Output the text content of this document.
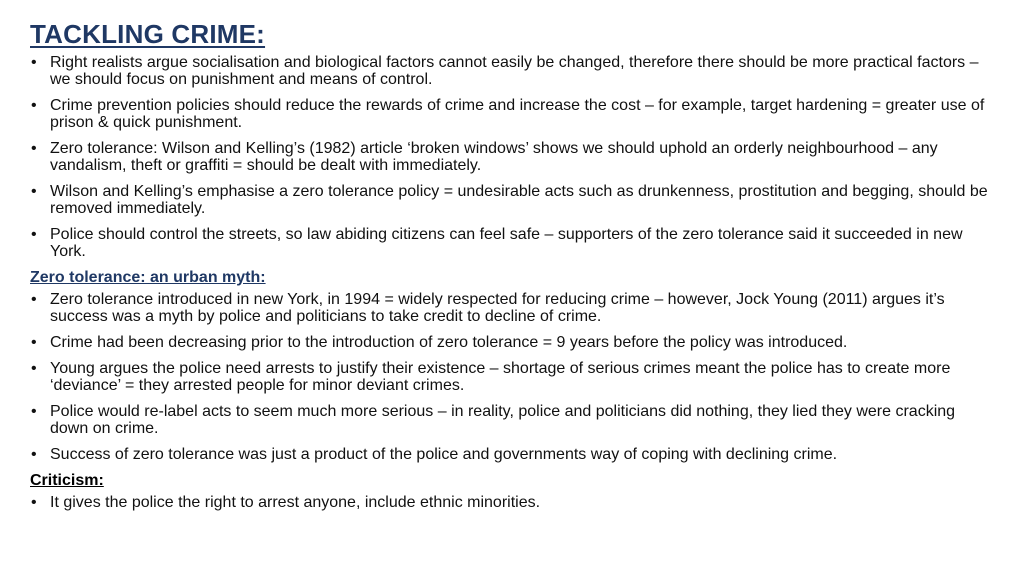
TACKLING CRIME:
• Right realists argue socialisation and biological factors cannot easily be changed, therefore there should be more practical factors – we should focus on punishment and means of control.
• Crime prevention policies should reduce the rewards of crime and increase the cost – for example, target hardening = greater use of prison & quick punishment.
• Zero tolerance: Wilson and Kelling’s (1982) article ‘broken windows’ shows we should uphold an orderly neighbourhood – any vandalism, theft or graffiti = should be dealt with immediately.
• Wilson and Kelling’s emphasise a zero tolerance policy = undesirable acts such as drunkenness, prostitution and begging, should be removed immediately.
• Police should control the streets, so law abiding citizens can feel safe – supporters of the zero tolerance said it succeeded in new York.
Zero tolerance: an urban myth:
• Zero tolerance introduced in new York, in 1994 = widely respected for reducing crime – however, Jock Young (2011) argues it’s success was a myth by police and politicians to take credit to decline of crime.
• Crime had been decreasing prior to the introduction of zero tolerance = 9 years before the policy was introduced.
• Young argues the police need arrests to justify their existence – shortage of serious crimes meant the police has to create more ‘deviance’ = they arrested people for minor deviant crimes.
• Police would re-label acts to seem much more serious – in reality, police and politicians did nothing, they lied they were cracking down on crime.
• Success of zero tolerance was just a product of the police and governments way of coping with declining crime.
Criticism:
• It gives the police the right to arrest anyone, include ethnic minorities.
